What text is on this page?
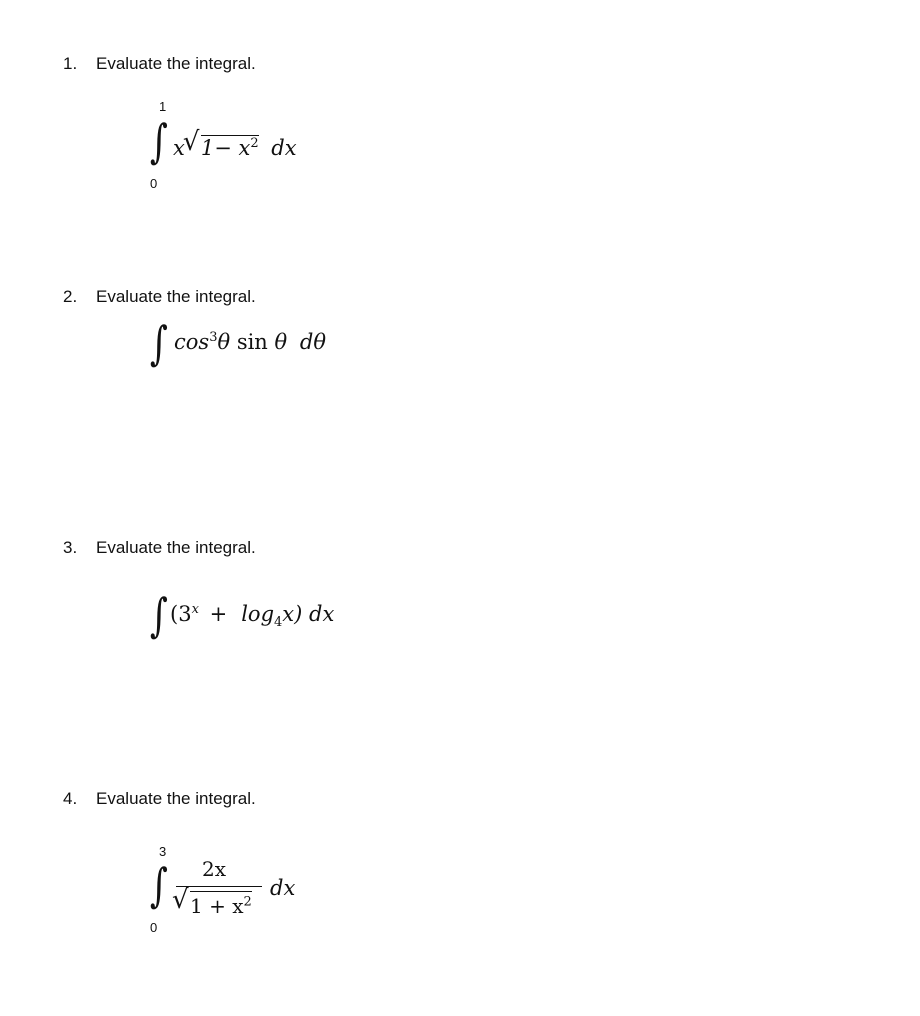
1. Evaluate the integral.
1
∫
0
x
√ $1- x^2$ dx
2. Evaluate the integral.
∫ $\cos^3\theta$ sin θ dθ
3. Evaluate the integral.
∫ $(3^x + \log_4x)$ dx
4. Evaluate the integral.
3
∫
0
2x
√ $1 + x^2$
dx
